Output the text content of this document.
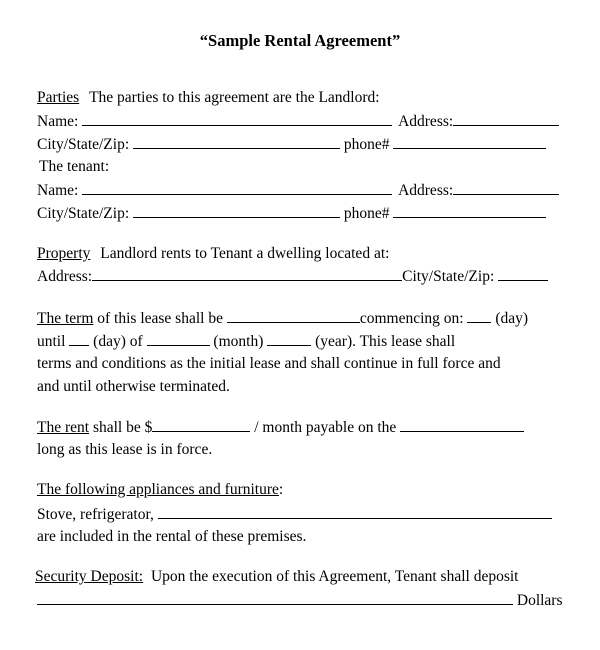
“Sample Rental Agreement”
Parties The parties to this agreement are the Landlord:
Name:	Address:
City/State/Zip:	phone#
The tenant:
Name:	Address:
City/State/Zip:	phone#
Property Landlord rents to Tenant a dwelling located at:
Address:	City/State/Zip:
The term of this lease shall be	commencing on: (day)
until (day) of	(month)	(year). This lease shall
terms and conditions as the initial lease and shall continue in full force and
and until otherwise terminated.
The rent shall be $	/ month payable on the
long as this lease is in force.
The following appliances and furniture:
Stove, refrigerator,
are included in the rental of these premises.
Security Deposit: Upon the execution of this Agreement, Tenant shall deposit
Dollars
